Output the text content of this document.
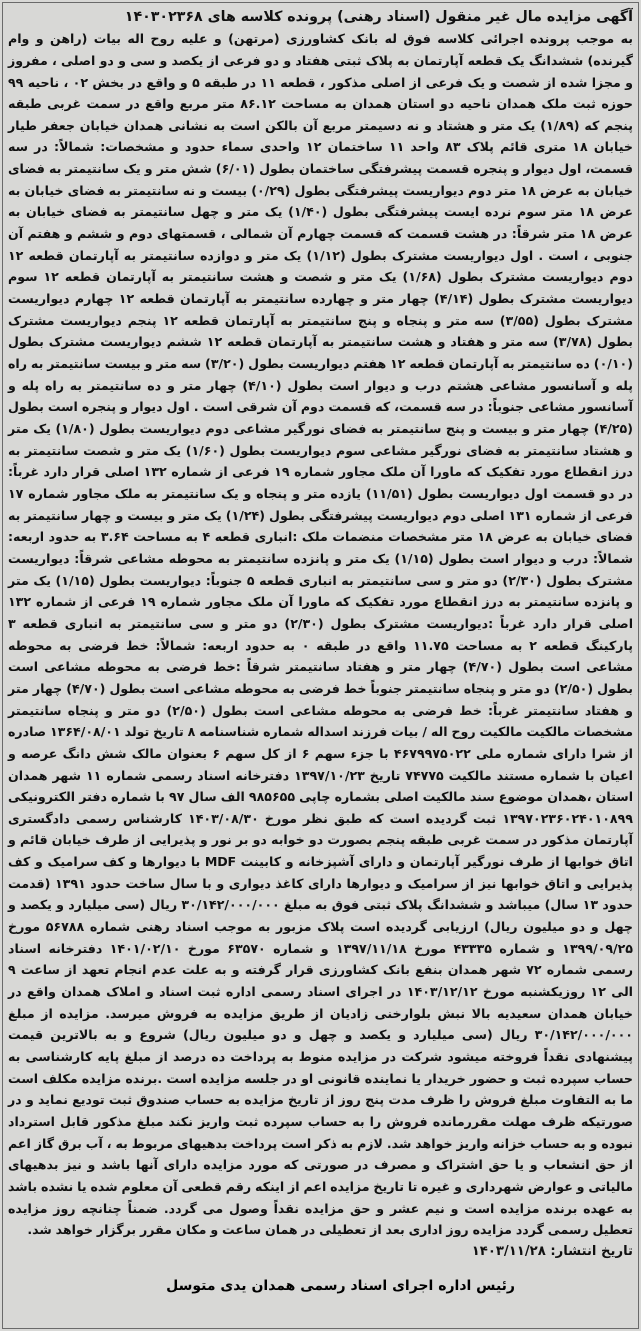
آگهی مزایده مال غیر منقول (اسناد رهنی) پرونده کلاسه های ۱۴۰۳۰۲۳۶۸

به موجب پرونده اجرائی کلاسه فوق له بانک کشاورزی (مرتهن) و علیه روح اله بیات (راهن و وام گیرنده) ششدانگ یک قطعه آپارتمان به پلاک ثبتی هفتاد و دو فرعی از یکصد و سی و دو اصلی ، مفروز و مجزا شده از شصت و یک فرعی از اصلی مذکور ، قطعه ۱۱ در طبقه ۵ و واقع در بخش ۰۲ ، ناحیه ۹۹ حوزه ثبت ملک همدان ناحیه دو استان همدان به مساحت ۸۶.۱۲ متر مربع واقع در سمت غربی طبقه پنجم که (۱/۸۹) یک متر و هشتاد و نه دسیمتر مربع آن بالکن است به نشانی همدان خیابان جعفر طیار خیابان ۱۸ متری قائم پلاک ۸۳ واحد ۱۱ ساختمان ۱۲ واحدی سماء حدود و مشخصات: شمالاً: در سه قسمت، اول دیوار و پنجره قسمت پیشرفتگی ساختمان بطول (۶/۰۱) شش متر و یک سانتیمتر به فضای خیابان به عرض ۱۸ متر دوم دیواریست پیشرفتگی بطول (۰/۲۹) بیست و نه سانتیمتر به فضای خیابان به عرض ۱۸ متر سوم نرده ایست پیشرفتگی بطول (۱/۴۰) یک متر و چهل سانتیمتر به فضای خیابان به عرض ۱۸ متر شرقاً: در هشت قسمت که قسمت چهارم آن شمالی ، قسمتهای دوم و ششم و هفتم آن جنوبی ، است . اول دیواریست مشترک بطول (۱/۱۲) یک متر و دوازده سانتیمتر به آپارتمان قطعه ۱۲ دوم دیواریست مشترک بطول (۱/۶۸) یک متر و شصت و هشت سانتیمتر به آپارتمان قطعه ۱۲ سوم دیواریست مشترک بطول (۴/۱۴) چهار متر و چهارده سانتیمتر به آپارتمان قطعه ۱۲ چهارم دیواریست مشترک بطول (۳/۵۵) سه متر و پنجاه و پنج سانتیمتر به آپارتمان قطعه ۱۲ پنجم دیواریست مشترک بطول (۳/۷۸) سه متر و هفتاد و هشت سانتیمتر به آپارتمان قطعه ۱۲ ششم دیواریست مشترک بطول (۰/۱۰) ده سانتیمتر به آپارتمان قطعه ۱۲ هفتم دیواریست بطول (۳/۲۰) سه متر و بیست سانتیمتر به راه پله و آسانسور مشاعی هشتم درب و دیوار است بطول (۴/۱۰) چهار متر و ده سانتیمتر به راه پله و آسانسور مشاعی جنوباً: در سه قسمت، که قسمت دوم آن شرقی است . اول دیوار و پنجره است بطول (۴/۲۵) چهار متر و بیست و پنج سانتیمتر به فضای نورگیر مشاعی دوم دیواریست بطول (۱/۸۰) یک متر و هشتاد سانتیمتر به فضای نورگیر مشاعی سوم دیواریست بطول (۱/۶۰) یک متر و شصت سانتیمتر به درز انقطاع مورد تفکیک که ماورا آن ملک مجاور شماره ۱۹ فرعی از شماره ۱۳۲ اصلی قرار دارد غرباً: در دو قسمت اول دیواریست بطول (۱۱/۵۱) یازده متر و پنجاه و یک سانتیمتر به ملک مجاور شماره ۱۷ فرعی از شماره ۱۳۱ اصلی دوم دیواریست پیشرفتگی بطول (۱/۲۴) یک متر و بیست و چهار سانتیمتر به فضای خیابان به عرض ۱۸ متر مشخصات منضمات ملک :انباری قطعه ۴ به مساحت ۳.۶۴ به حدود اربعه: شمالاً: درب و دیوار است بطول (۱/۱۵) یک متر و پانزده سانتیمتر به محوطه مشاعی شرقاً: دیواریست مشترک بطول (۲/۳۰) دو متر و سی سانتیمتر به انباری قطعه ۵ جنوباً: دیواریست بطول (۱/۱۵) یک متر و پانزده سانتیمتر به درز انقطاع مورد تفکیک که ماورا آن ملک مجاور شماره ۱۹ فرعی از شماره ۱۳۲ اصلی قرار دارد غرباً :دیواریست مشترک بطول (۲/۳۰) دو متر و سی سانتیمتر به انباری قطعه ۳ پارکینگ قطعه ۲ به مساحت ۱۱.۷۵ واقع در طبقه ۰ به حدود اربعه: شمالاً: خط فرضی به محوطه مشاعی است بطول (۴/۷۰) چهار متر و هفتاد سانتیمتر شرقاً :خط فرضی به محوطه مشاعی است بطول (۲/۵۰) دو متر و پنجاه سانتیمتر جنوباً خط فرضی به محوطه مشاعی است بطول (۴/۷۰) چهار متر و هفتاد سانتیمتر غرباً: خط فرضی به محوطه مشاعی است بطول (۲/۵۰) دو متر و پنجاه سانتیمتر مشخصات مالکیت مالکیت روح اله / بیات فرزند اسداله شماره شناسنامه ۸ تاریخ تولد ۱۳۶۴/۰۸/۰۱ صادره از شرا دارای شماره ملی ۴۶۷۹۹۷۵۰۲۲ با جزء سهم ۶ از کل سهم ۶ بعنوان مالک شش دانگ عرصه و اعیان با شماره مستند مالکیت ۷۴۷۷۵ تاریخ ۱۳۹۷/۱۰/۲۳ دفترخانه اسناد رسمی شماره ۱۱ شهر همدان استان ،همدان موضوع سند مالکیت اصلی بشماره چاپی ۹۸۵۶۵۵ الف سال ۹۷ با شماره دفتر الکترونیکی ۱۳۹۷۰۲۳۶۰۲۴۰۱۰۸۹۹ ثبت گردیده است که طبق نظر مورخ ۱۴۰۳/۰۸/۳۰ کارشناس رسمی دادگستری آپارتمان مذکور در سمت غربی طبقه پنجم بصورت دو خوابه دو بر نور و پذیرایی از طرف خیابان قائم و اتاق خوابها از طرف نورگیر آپارتمان و دارای آشپزخانه و کابینت MDF با دیوارها و کف سرامیک و کف پذیرایی و اتاق خوابها نیز از سرامیک و دیوارها دارای کاغذ دیواری و با سال ساخت حدود ۱۳۹۱ (قدمت حدود ۱۳ سال) میباشد و ششدانگ پلاک ثبتی فوق به مبلغ ۳۰/۱۴۲/۰۰۰/۰۰۰ ریال (سی میلیارد و یکصد و چهل و دو میلیون ریال) ارزیابی گردیده است پلاک مزبور به موجب اسناد رهنی شماره ۵۶۷۸۸ مورخ ۱۳۹۹/۰۹/۲۵ و شماره ۴۳۳۳۵ مورخ ۱۳۹۷/۱۱/۱۸ و شماره ۶۳۵۷۰ مورخ ۱۴۰۱/۰۲/۱۰ دفترخانه اسناد رسمی شماره ۷۲ شهر همدان بنفع بانک کشاورزی قرار گرفته و به علت عدم انجام تعهد از ساعت ۹ الی ۱۲ روزیکشنبه مورخ ۱۴۰۳/۱۲/۱۲ در اجرای اسناد رسمی اداره ثبت اسناد و املاک همدان واقع در خیابان همدان سعیدیه بالا نبش بلوارخنی زادیان از طریق مزایده به فروش میرسد. مزایده از مبلغ ۳۰/۱۴۲/۰۰۰/۰۰۰ ریال (سی میلیارد و یکصد و چهل و دو میلیون ریال) شروع و به بالاترین قیمت پیشنهادی نقداً فروخته میشود شرکت در مزایده منوط به پرداخت ده درصد از مبلغ پایه کارشناسی به حساب سپرده ثبت و حضور خریدار یا نماینده قانونی او در جلسه مزایده است .برنده مزایده مکلف است ما به التفاوت مبلغ فروش را ظرف مدت پنج روز از تاریخ مزایده به حساب صندوق ثبت تودیع نماید و در صورتیکه ظرف مهلت مقررمانده فروش را به حساب سپرده ثبت واریز نکند مبلغ مذکور قابل استرداد نبوده و به حساب خزانه واریز خواهد شد. لازم به ذکر است پرداخت بدهیهای مربوط به ، آب برق گاز اعم از حق انشعاب و یا حق اشتراک و مصرف در صورتی که مورد مزایده دارای آنها باشد و نیز بدهیهای مالیاتی و عوارض شهرداری و غیره تا تاریخ مزایده اعم از اینکه رقم قطعی آن معلوم شده یا نشده باشد به عهده برنده مزایده است و نیم عشر و حق مزایده نقداً وصول می گردد. ضمناً چنانچه روز مزایده تعطیل رسمی گردد مزایده روز اداری بعد از تعطیلی در همان ساعت و مکان مقرر برگزار خواهد شد.

تاریخ انتشار: ۱۴۰۳/۱۱/۲۸

رئیس اداره اجرای اسناد رسمی همدان یدی متوسل
